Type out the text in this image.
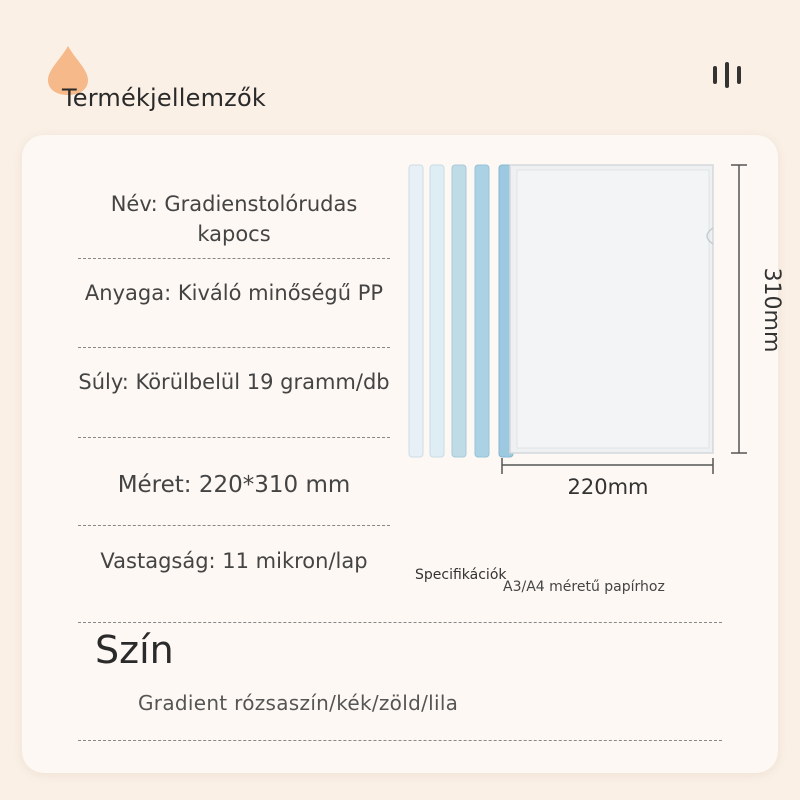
Termékjellemzők
Név: Gradienstolórudas kapocs
Anyaga: Kiváló minőségű PP
Súly: Körülbelül 19 gramm/db
Méret: 220*310 mm
Vastagság: 11 mikron/lap
310mm
220mm
Specifikációk
A3/A4 méretű papírhoz
Szín
Gradient rózsaszín/kék/zöld/lila
